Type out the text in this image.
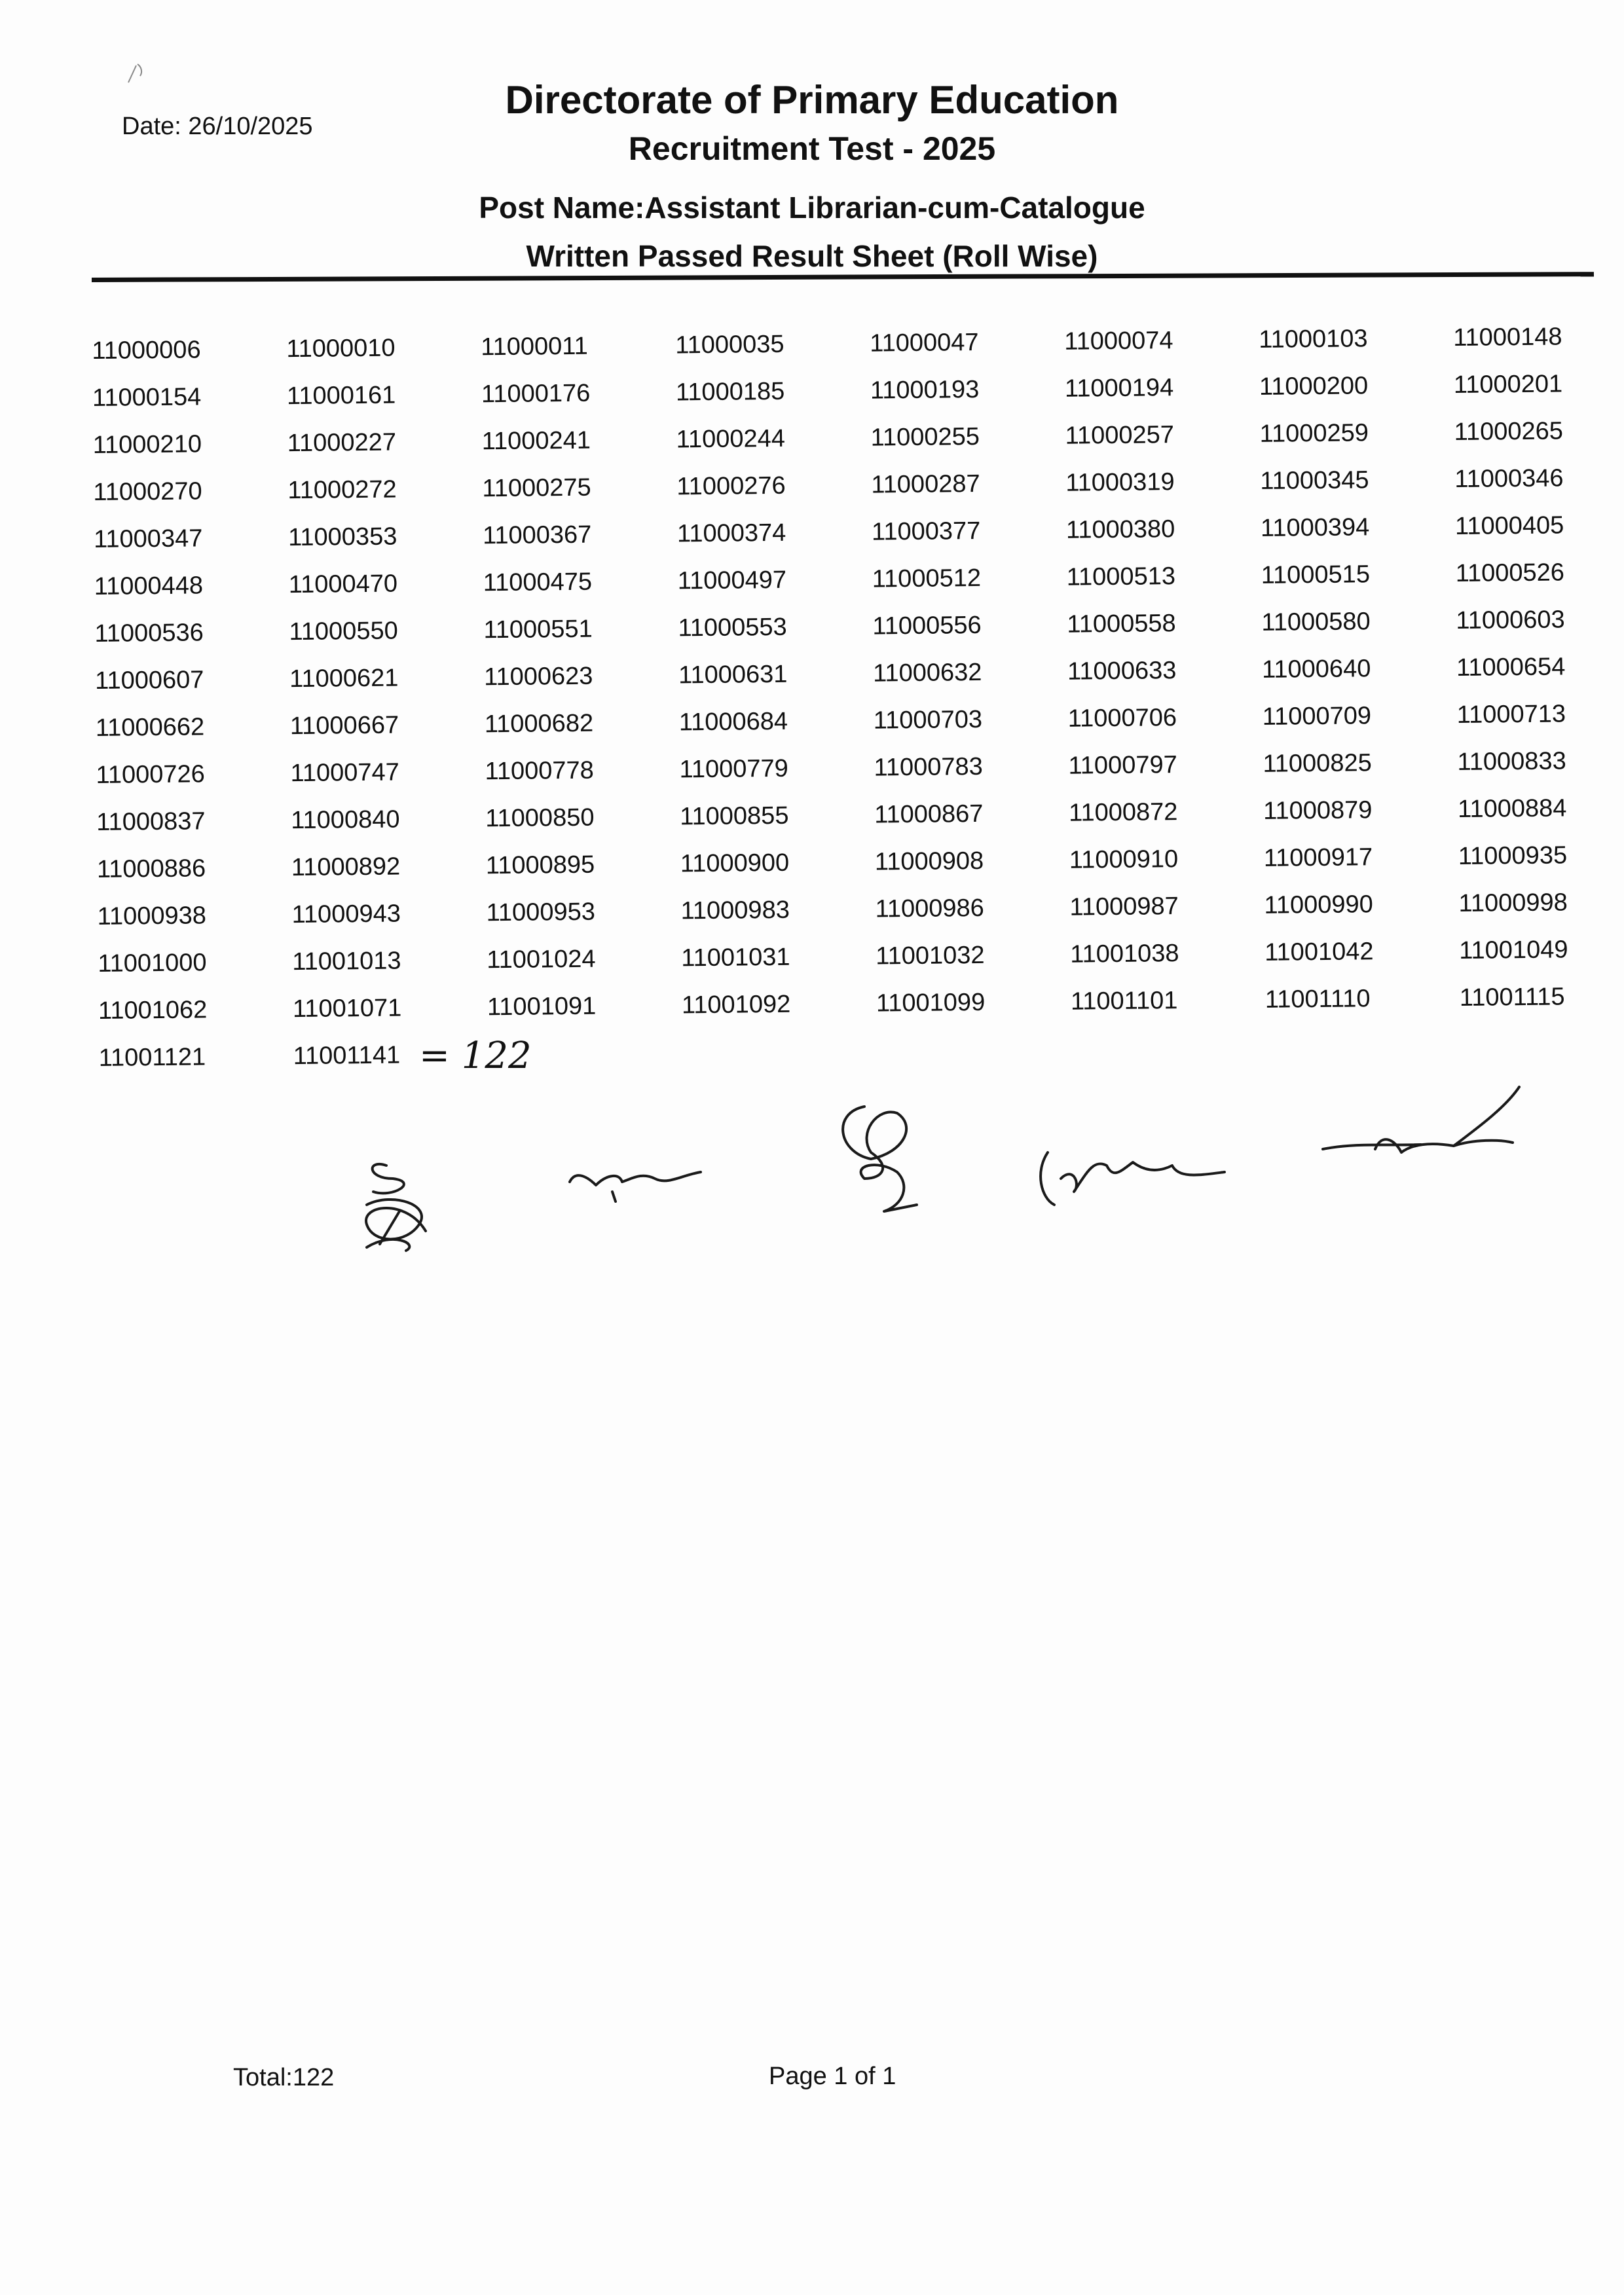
Date: 26/10/2025
Directorate of Primary Education
Recruitment Test - 2025
Post Name:Assistant Librarian-cum-Catalogue
Written Passed Result Sheet (Roll Wise)
11000006	11000010	11000011	11000035	11000047	11000074	11000103	11000148
11000154	11000161	11000176	11000185	11000193	11000194	11000200	11000201
11000210	11000227	11000241	11000244	11000255	11000257	11000259	11000265
11000270	11000272	11000275	11000276	11000287	11000319	11000345	11000346
11000347	11000353	11000367	11000374	11000377	11000380	11000394	11000405
11000448	11000470	11000475	11000497	11000512	11000513	11000515	11000526
11000536	11000550	11000551	11000553	11000556	11000558	11000580	11000603
11000607	11000621	11000623	11000631	11000632	11000633	11000640	11000654
11000662	11000667	11000682	11000684	11000703	11000706	11000709	11000713
11000726	11000747	11000778	11000779	11000783	11000797	11000825	11000833
11000837	11000840	11000850	11000855	11000867	11000872	11000879	11000884
11000886	11000892	11000895	11000900	11000908	11000910	11000917	11000935
11000938	11000943	11000953	11000983	11000986	11000987	11000990	11000998
11001000	11001013	11001024	11001031	11001032	11001038	11001042	11001049
11001062	11001071	11001091	11001092	11001099	11001101	11001110	11001115
11001121	11001141 = 122
Total:122	Page 1 of 1
